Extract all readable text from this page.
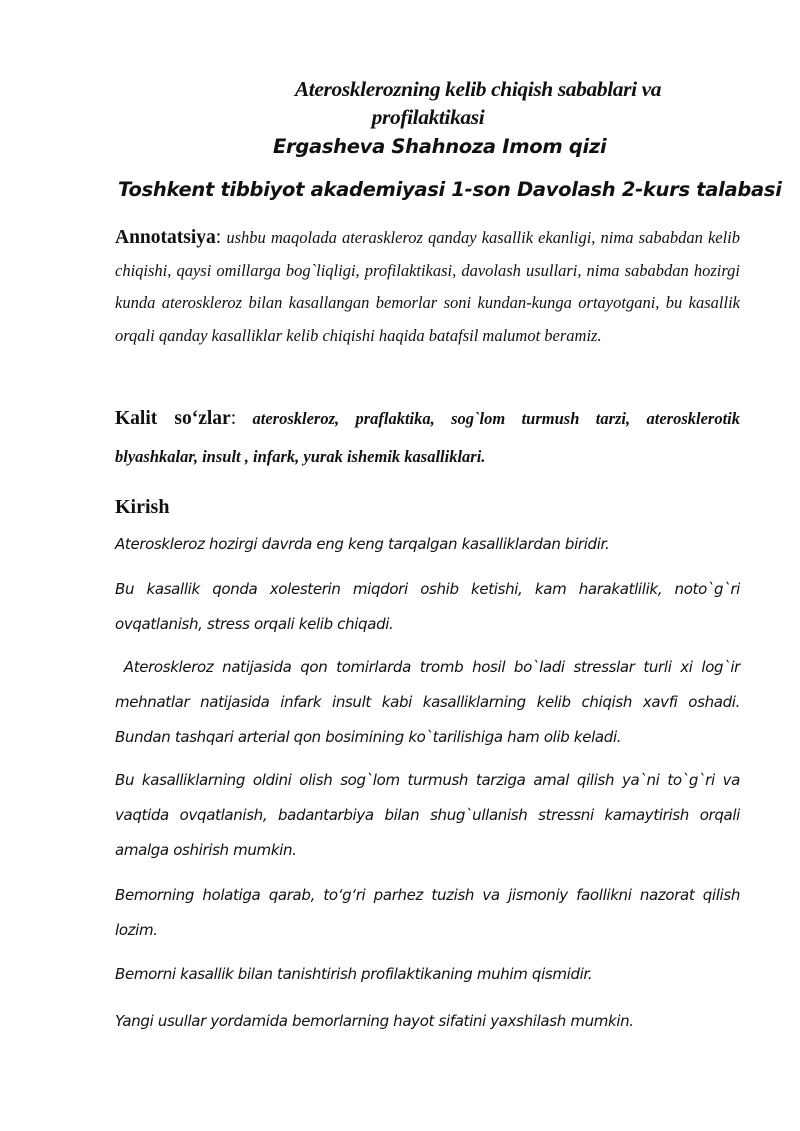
Aterosklerozning kelib chiqish sabablari va
profilaktikasi
Ergasheva Shahnoza Imom qizi
Toshkent tibbiyot akademiyasi 1-son Davolash 2-kurs talabasi
Annotatsiya: ushbu maqolada ateraskleroz qanday kasallik ekanligi, nima sababdan kelib chiqishi, qaysi omillarga bog`liqligi, profilaktikasi, davolash usullari, nima sababdan hozirgi kunda ateroskleroz bilan kasallangan bemorlar soni kundan-kunga ortayotgani, bu kasallik orqali qanday kasalliklar kelib chiqishi haqida batafsil malumot beramiz.
Kalit so‘zlar: ateroskleroz, praflaktika, sog`lom turmush tarzi, aterosklerotik blyashkalar, insult , infark, yurak ishemik kasalliklari.
Kirish
Ateroskleroz hozirgi davrda eng keng tarqalgan kasalliklardan biridir.
Bu kasallik qonda xolesterin miqdori oshib ketishi, kam harakatlilik, noto`g`ri ovqatlanish, stress orqali kelib chiqadi.
Ateroskleroz natijasida qon tomirlarda tromb hosil bo`ladi stresslar turli xi log`ir mehnatlar natijasida infark insult kabi kasalliklarning kelib chiqish xavfi oshadi. Bundan tashqari arterial qon bosimining ko`tarilishiga ham olib keladi.
Bu kasalliklarning oldini olish sog`lom turmush tarziga amal qilish ya`ni to`g`ri va vaqtida ovqatlanish, badantarbiya bilan shug`ullanish stressni kamaytirish orqali amalga oshirish mumkin.
Bemorning holatiga qarab, to‘g‘ri parhez tuzish va jismoniy faollikni nazorat qilish lozim.
Bemorni kasallik bilan tanishtirish profilaktikaning muhim qismidir.
Yangi usullar yordamida bemorlarning hayot sifatini yaxshilash mumkin.
